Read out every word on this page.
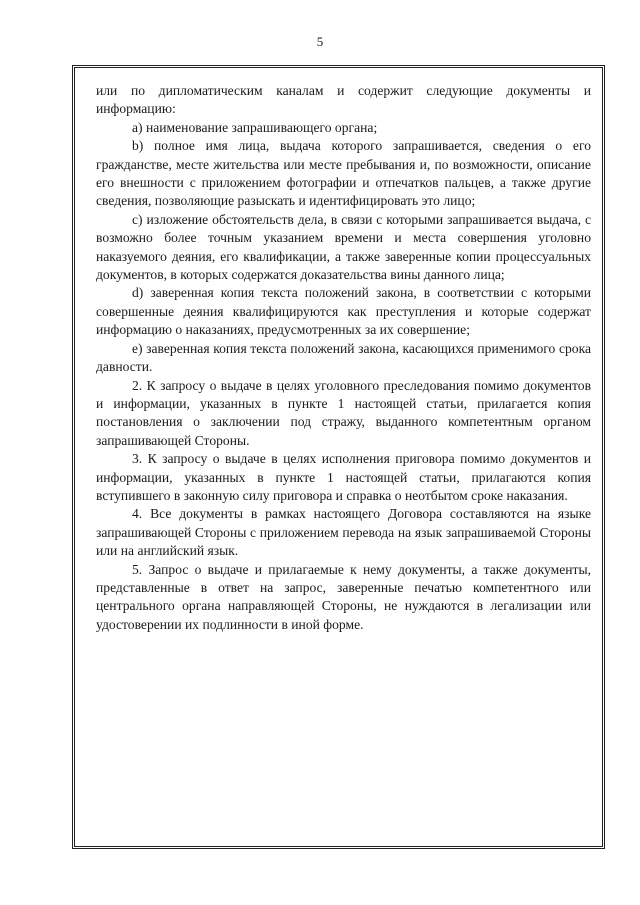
5

или по дипломатическим каналам и содержит следующие документы и информацию:

а) наименование запрашивающего органа;

b) полное имя лица, выдача которого запрашивается, сведения о его гражданстве, месте жительства или месте пребывания и, по возможности, описание его внешности с приложением фотографии и отпечатков пальцев, а также другие сведения, позволяющие разыскать и идентифицировать это лицо;

c) изложение обстоятельств дела, в связи с которыми запрашивается выдача, с возможно более точным указанием времени и места совершения уголовно наказуемого деяния, его квалификации, а также заверенные копии процессуальных документов, в которых содержатся доказательства вины данного лица;

d) заверенная копия текста положений закона, в соответствии с которыми совершенные деяния квалифицируются как преступления и которые содержат информацию о наказаниях, предусмотренных за их совершение;

е) заверенная копия текста положений закона, касающихся применимого срока давности.

2. К запросу о выдаче в целях уголовного преследования помимо документов и информации, указанных в пункте 1 настоящей статьи, прилагается копия постановления о заключении под стражу, выданного компетентным органом запрашивающей Стороны.

3. К запросу о выдаче в целях исполнения приговора помимо документов и информации, указанных в пункте 1 настоящей статьи, прилагаются копия вступившего в законную силу приговора и справка о неотбытом сроке наказания.

4. Все документы в рамках настоящего Договора составляются на языке запрашивающей Стороны с приложением перевода на язык запрашиваемой Стороны или на английский язык.

5. Запрос о выдаче и прилагаемые к нему документы, а также документы, представленные в ответ на запрос, заверенные печатью компетентного или центрального органа направляющей Стороны, не нуждаются в легализации или удостоверении их подлинности в иной форме.
